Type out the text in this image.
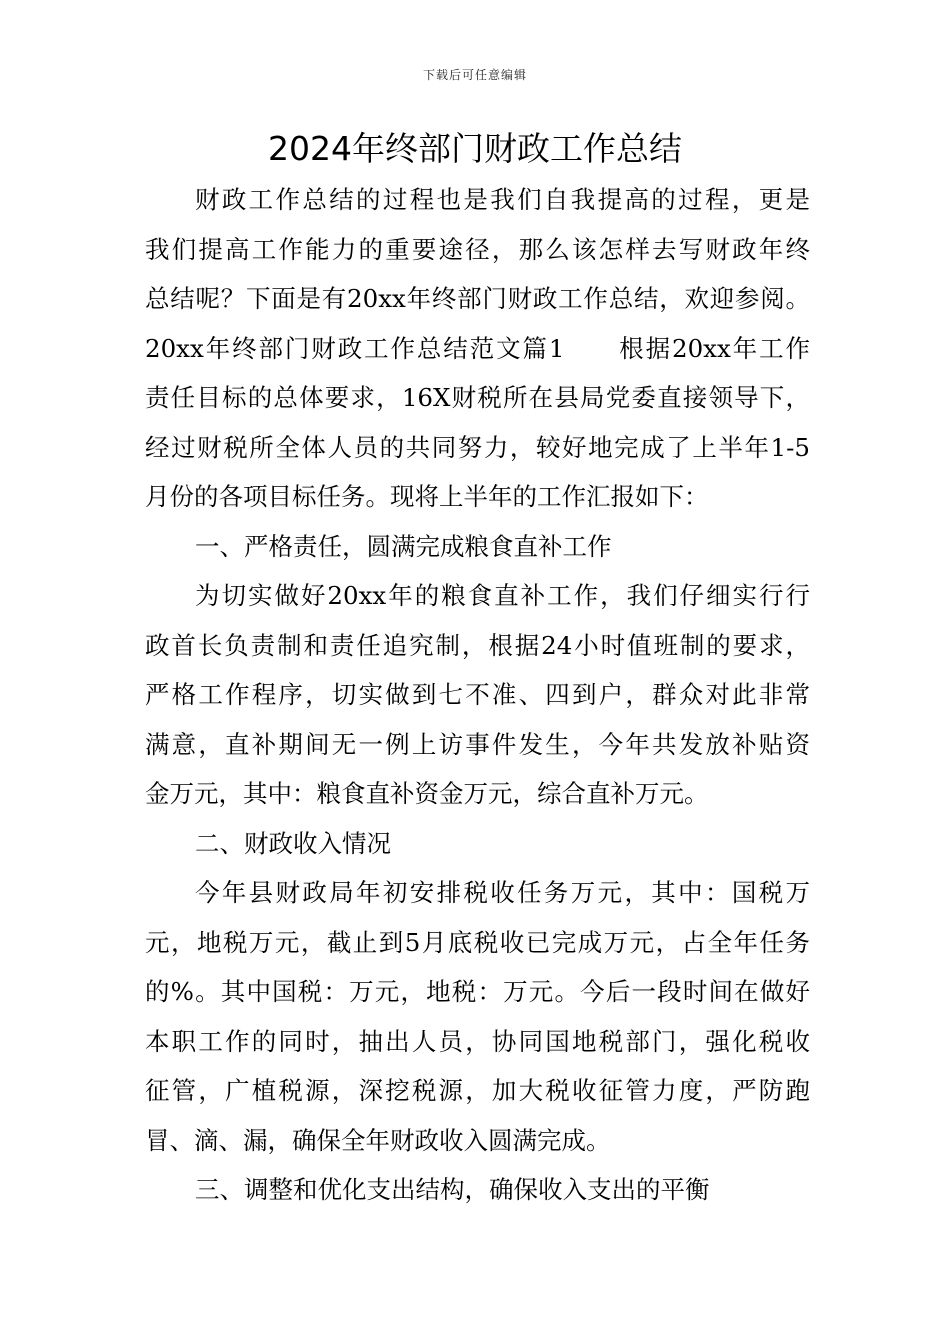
下载后可任意编辑
2024年终部门财政工作总结
财政工作总结的过程也是我们自我提高的过程，更是
我们提高工作能力的重要途径，那么该怎样去写财政年终
总结呢？下面是有20xx年终部门财政工作总结，欢迎参阅。
20xx年终部门财政工作总结范文篇1　　根据20xx年工作
责任目标的总体要求，16X财税所在县局党委直接领导下，
经过财税所全体人员的共同努力，较好地完成了上半年1-5
月份的各项目标任务。现将上半年的工作汇报如下：
一、严格责任，圆满完成粮食直补工作
为切实做好20xx年的粮食直补工作，我们仔细实行行
政首长负责制和责任追究制，根据24小时值班制的要求，
严格工作程序，切实做到七不准、四到户，群众对此非常
满意，直补期间无一例上访事件发生，今年共发放补贴资
金万元，其中：粮食直补资金万元，综合直补万元。
二、财政收入情况
今年县财政局年初安排税收任务万元，其中：国税万
元，地税万元，截止到5月底税收已完成万元，占全年任务
的%。其中国税：万元，地税：万元。今后一段时间在做好
本职工作的同时，抽出人员，协同国地税部门，强化税收
征管，广植税源，深挖税源，加大税收征管力度，严防跑
冒、滴、漏，确保全年财政收入圆满完成。
三、调整和优化支出结构，确保收入支出的平衡
